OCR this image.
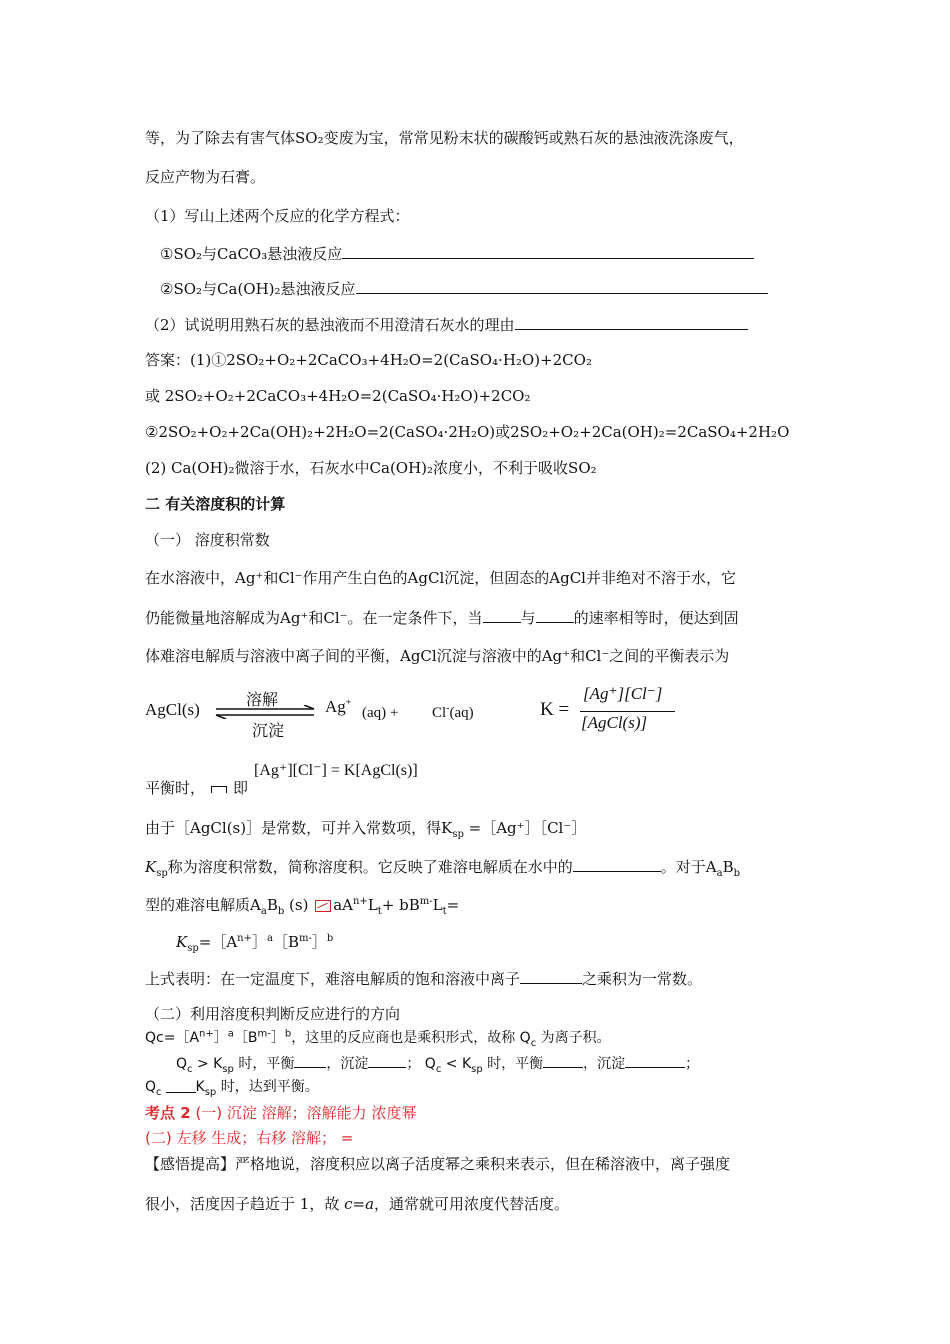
等，为了除去有害气体SO₂变废为宝，常常见粉末状的碳酸钙或熟石灰的悬浊液洗涤废气，
反应产物为石膏。
（1）写山上述两个反应的化学方程式：
①SO₂与CaCO₃悬浊液反应
②SO₂与Ca(OH)₂悬浊液反应
（2）试说明用熟石灰的悬浊液而不用澄清石灰水的理由
答案：(1)①2SO₂+O₂+2CaCO₃+4H₂O=2(CaSO₄·H₂O)+2CO₂
或 2SO₂+O₂+2CaCO₃+4H₂O=2(CaSO₄·H₂O)+2CO₂
②2SO₂+O₂+2Ca(OH)₂+2H₂O=2(CaSO₄·2H₂O)或2SO₂+O₂+2Ca(OH)₂=2CaSO₄+2H₂O
(2) Ca(OH)₂微溶于水，石灰水中Ca(OH)₂浓度小，不利于吸收SO₂
二 有关溶度积的计算
（一） 溶度积常数
在水溶液中，Ag⁺和Cl⁻作用产生白色的AgCl沉淀，但固态的AgCl并非绝对不溶于水，它
仍能微量地溶解成为Ag⁺和Cl⁻。在一定条件下，当	与	的速率相等时，便达到固
体难溶电解质与溶液中离子间的平衡，AgCl沉淀与溶液中的Ag⁺和Cl⁻之间的平衡表示为
AgCl(s)
溶解
沉淀
Ag+
(aq) + Cl-(aq)	K =
[Ag⁺][Cl⁻]
[AgCl(s)]
[Ag⁺][Cl⁻] = K[AgCl(s)]
平衡时， 即
由于［AgCl(s)］是常数，可并入常数项，得$K_{sp}$ =［Ag⁺］［Cl⁻］
$K_{sp}$称为溶度积常数，简称溶度积。它反映了难溶电解质在水中的	。对于$A_aB_b$
型的难溶电解质$A_aB_b$ (s) $aA^{n+}L_t+ bB^{m-}L_t=$
$K_{sp}=[A^{n+}]^a[B^{m-}]^b$
上式表明：在一定温度下，难溶电解质的饱和溶液中离子	之乘积为一常数。
（二）利用溶度积判断反应进行的方向
$Qc=[A^{n+}]^a[B^{m-}]^b$，这里的反应商也是乘积形式，故称 $Q_c$ 为离子积。
$Q_c > K_{sp}$ 时，平衡 ，沉淀	； $Q_c < K_{sp}$ 时，平衡	，沉淀	；
$Q_c$ $K_{sp}$ 时，达到平衡。
考点 2 (一) 沉淀 溶解；溶解能力 浓度幂
(二) 左移 生成；右移 溶解； =
【感悟提高】严格地说，溶度积应以离子活度幂之乘积来表示，但在稀溶液中，离子强度
很小，活度因子趋近于 1，故 c=a，通常就可用浓度代替活度。
